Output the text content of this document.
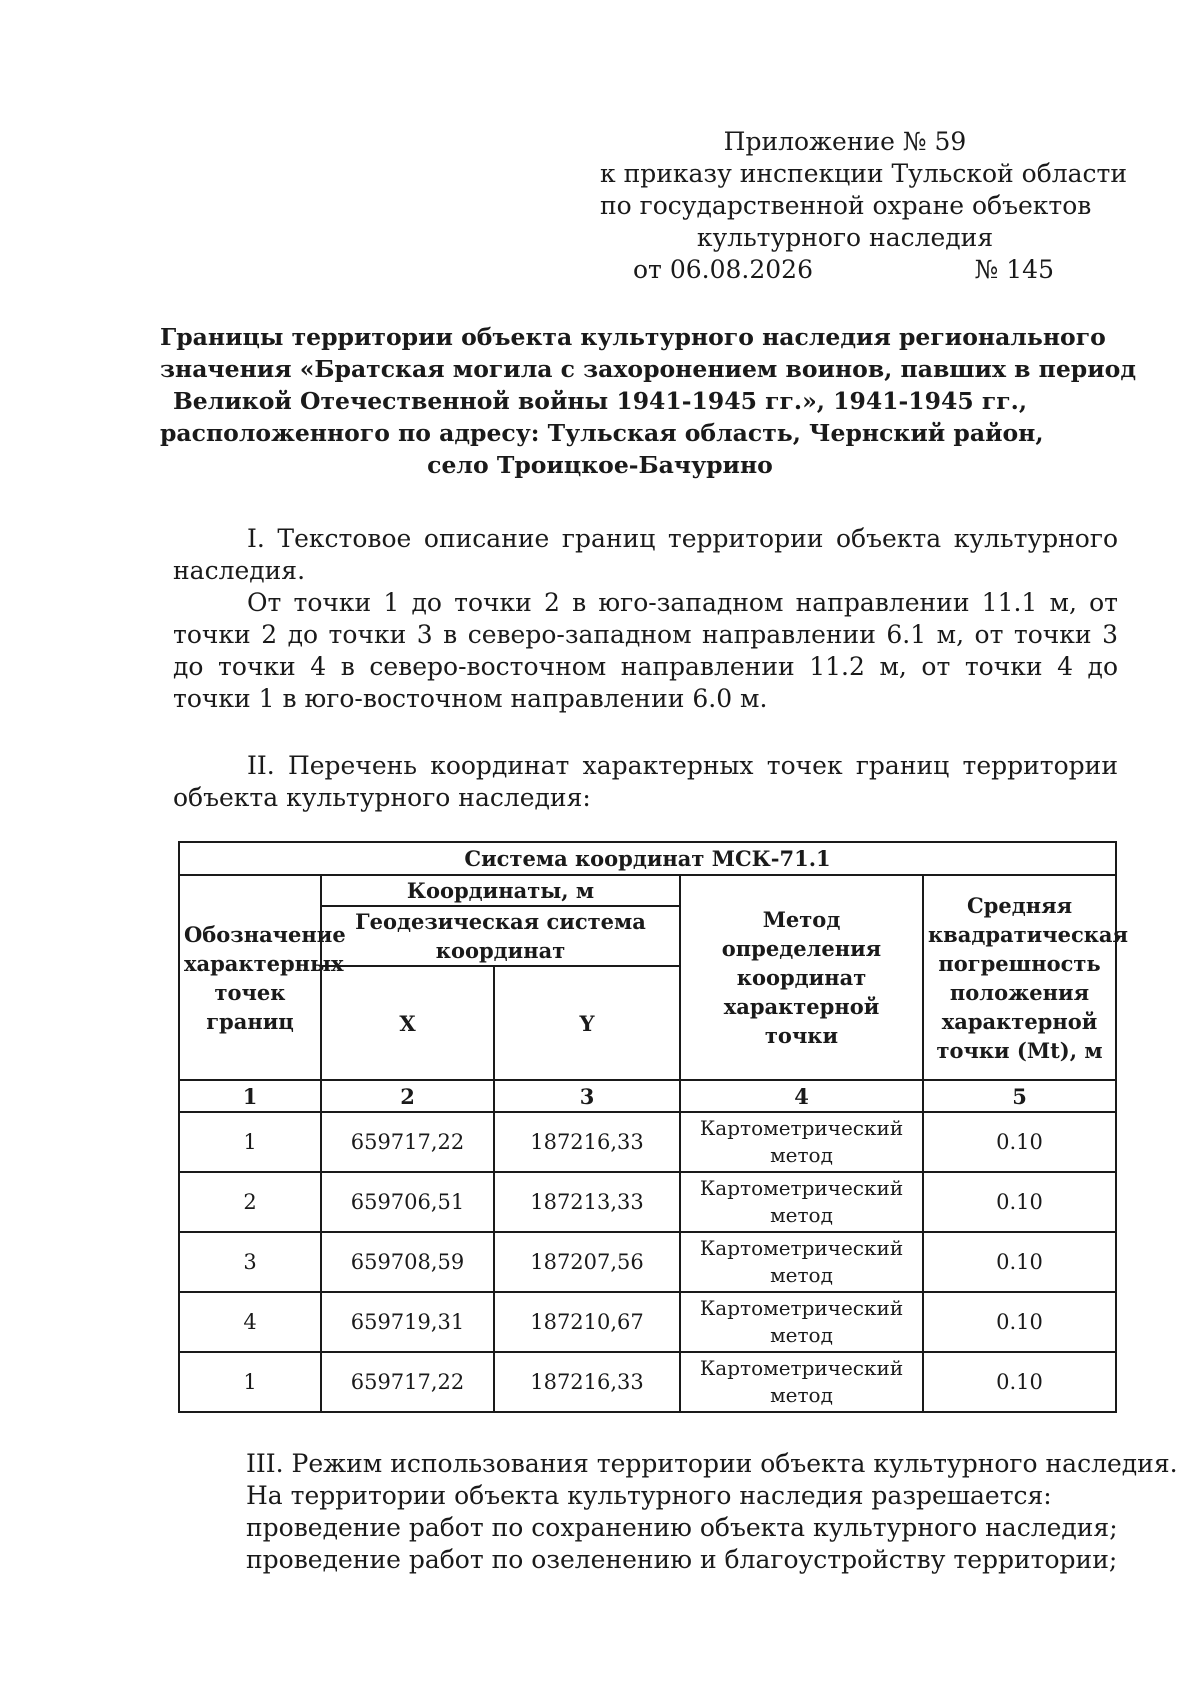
Приложение № 59
к приказу инспекции Тульской области
по государственной охране объектов
культурного наследия
от 06.08.2026	№ 145
Границы территории объекта культурного наследия регионального
значения «Братская могила с захоронением воинов, павших в период
Великой Отечественной войны 1941-1945 гг.», 1941-1945 гг.,
расположенного по адресу: Тульская область, Чернский район,
село Троицкое-Бачурино

I. Текстовое описание границ территории объекта культурного наследия.

От точки 1 до точки 2 в юго-западном направлении 11.1 м, от точки 2 до точки 3 в северо-западном направлении 6.1 м, от точки 3 до точки 4 в северо-восточном направлении 11.2 м, от точки 4 до точки 1 в юго-восточном направлении 6.0 м.

II. Перечень координат характерных точек границ территории объекта культурного наследия:

Система координат МСК-71.1				
Обозначение характерных точек границ	Координаты, м		Метод определения координат характерной точки	Средняя квадратическая погрешность положения характерной точки (Mt), м
	Геодезическая система координат			
	X	Y		
1	2	3	4	5
1	659717,22	187216,33	Картометрический метод	0.10
2	659706,51	187213,33	Картометрический метод	0.10
3	659708,59	187207,56	Картометрический метод	0.10
4	659719,31	187210,67	Картометрический метод	0.10
1	659717,22	187216,33	Картометрический метод	0.10
III. Режим использования территории объекта культурного наследия.
На территории объекта культурного наследия разрешается:
проведение работ по сохранению объекта культурного наследия;
проведение работ по озеленению и благоустройству территории;
